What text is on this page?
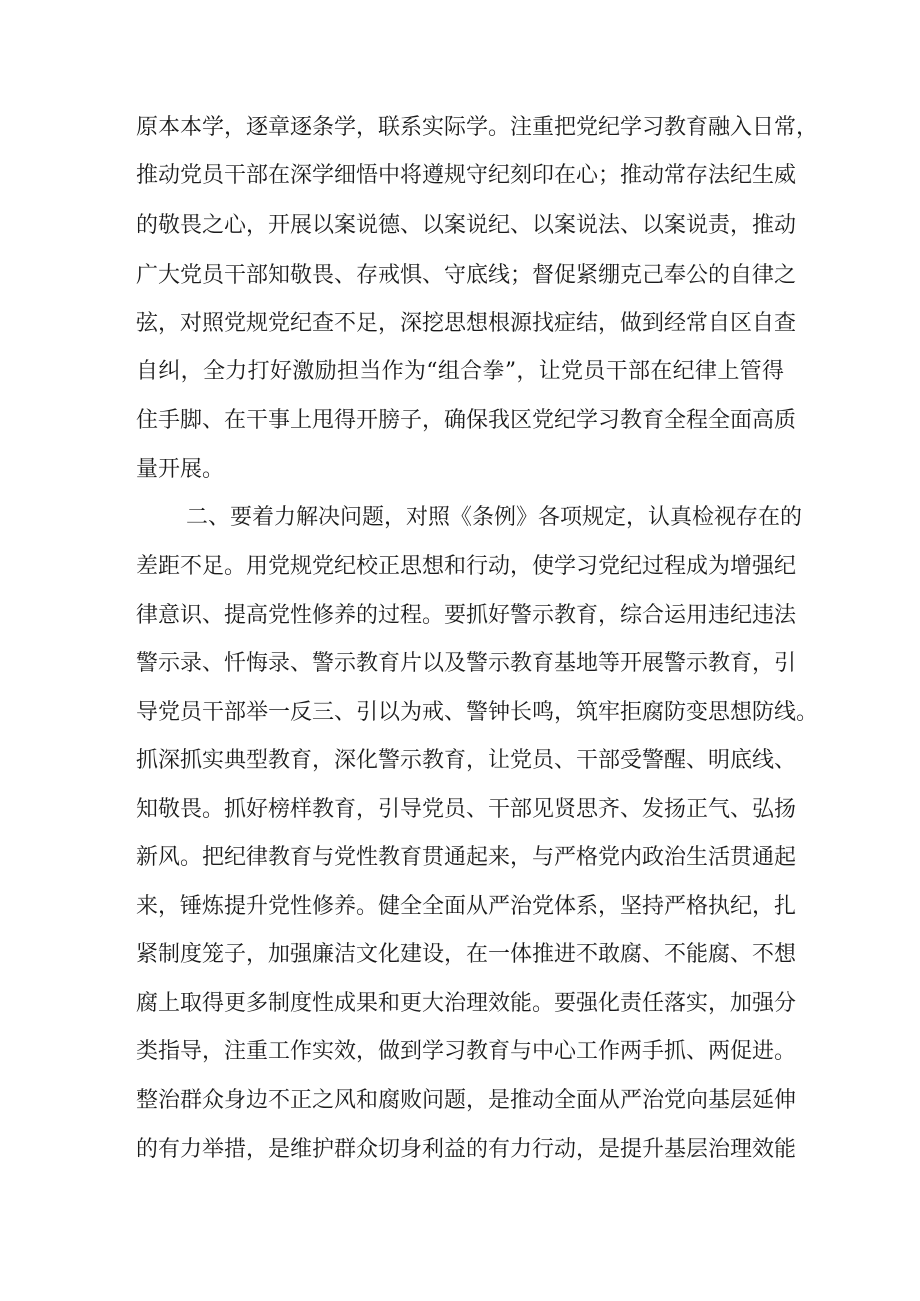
原本本学，逐章逐条学，联系实际学。注重把党纪学习教育融入日常，
推动党员干部在深学细悟中将遵规守纪刻印在心；推动常存法纪生威
的敬畏之心，开展以案说德、以案说纪、以案说法、以案说责，推动
广大党员干部知敬畏、存戒惧、守底线；督促紧绷克己奉公的自律之
弦，对照党规党纪查不足，深挖思想根源找症结，做到经常自区自查
自纠，全力打好激励担当作为“组合拳”，让党员干部在纪律上管得
住手脚、在干事上甩得开膀子，确保我区党纪学习教育全程全面高质
量开展。
二、要着力解决问题，对照《条例》各项规定，认真检视存在的
差距不足。用党规党纪校正思想和行动，使学习党纪过程成为增强纪
律意识、提高党性修养的过程。要抓好警示教育，综合运用违纪违法
警示录、忏悔录、警示教育片以及警示教育基地等开展警示教育，引
导党员干部举一反三、引以为戒、警钟长鸣，筑牢拒腐防变思想防线。
抓深抓实典型教育，深化警示教育，让党员、干部受警醒、明底线、
知敬畏。抓好榜样教育，引导党员、干部见贤思齐、发扬正气、弘扬
新风。把纪律教育与党性教育贯通起来，与严格党内政治生活贯通起
来，锤炼提升党性修养。健全全面从严治党体系，坚持严格执纪，扎
紧制度笼子，加强廉洁文化建设，在一体推进不敢腐、不能腐、不想
腐上取得更多制度性成果和更大治理效能。要强化责任落实，加强分
类指导，注重工作实效，做到学习教育与中心工作两手抓、两促进。
整治群众身边不正之风和腐败问题，是推动全面从严治党向基层延伸
的有力举措，是维护群众切身利益的有力行动，是提升基层治理效能
